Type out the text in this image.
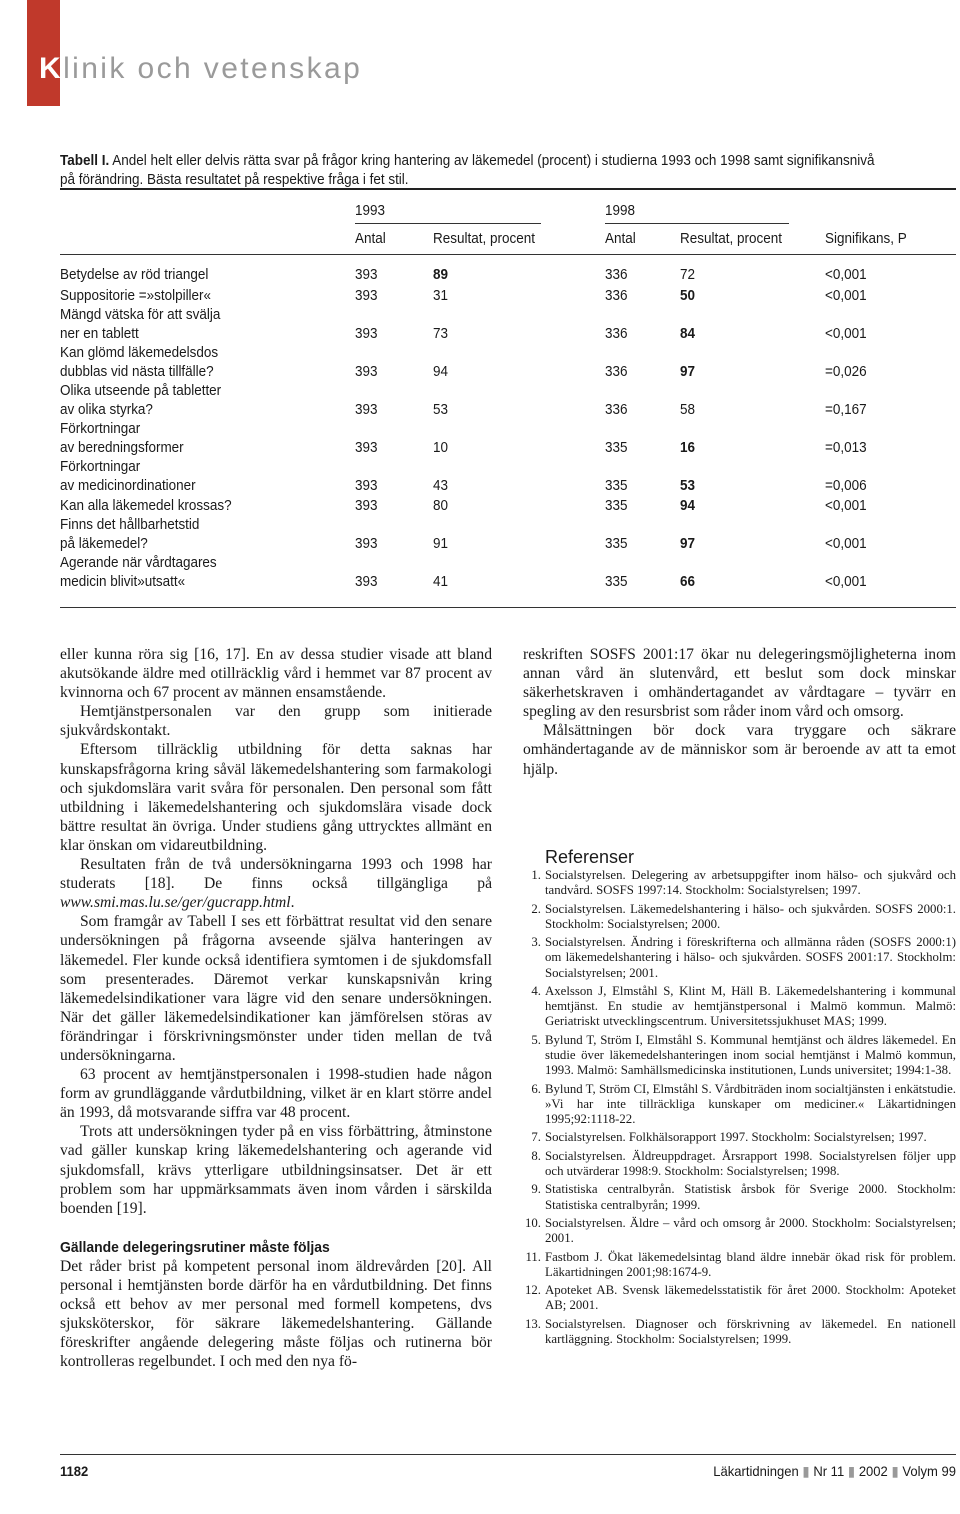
Klinik och vetenskap
Tabell I. Andel helt eller delvis rätta svar på frågor kring hantering av läkemedel (procent) i studierna 1993 och 1998 samt signifikansnivå på förändring. Bästa resultatet på respektive fråga i fet stil.
1993	1998
Antal	Resultat, procent	Antal	Resultat, procent	Signifikans, P
Betydelse av röd triangel	393	89	336	72	<0,001
Suppositorie =»stolpiller«	393	31	336	50	<0,001
Mängd vätska för att svälja
ner en tablett	393	73	336	84	<0,001
Kan glömd läkemedelsdos
dubblas vid nästa tillfälle?	393	94	336	97	=0,026
Olika utseende på tabletter
av olika styrka?	393	53	336	58	=0,167
Förkortningar
av beredningsformer	393	10	335	16	=0,013
Förkortningar
av medicinordinationer	393	43	335	53	=0,006
Kan alla läkemedel krossas?	393	80	335	94	<0,001
Finns det hållbarhetstid
på läkemedel?	393	91	335	97	<0,001
Agerande när vårdtagares
medicin blivit»utsatt«	393	41	335	66	<0,001

eller kunna röra sig [16, 17]. En av dessa studier visade att bland akutsökande äldre med otillräcklig vård i hemmet var 87 procent av kvinnorna och 67 procent av männen ensamstående.

Hemtjänstpersonalen var den grupp som initierade sjukvårdskontakt.

Eftersom tillräcklig utbildning för detta saknas har kunskapsfrågorna kring såväl läkemedelshantering som farmakologi och sjukdomslära varit svåra för personalen. Den personal som fått utbildning i läkemedelshantering och sjukdomslära visade dock bättre resultat än övriga. Under studiens gång uttrycktes allmänt en klar önskan om vidareutbildning.

Resultaten från de två undersökningarna 1993 och 1998 har studerats [18]. De finns också tillgängliga på www.smi.mas.lu.se/ger/gucrapp.html.

Som framgår av Tabell I ses ett förbättrat resultat vid den senare undersökningen på frågorna avseende själva hanteringen av läkemedel. Fler kunde också identifiera symtomen i de sjukdomsfall som presenterades. Däremot verkar kunskapsnivån kring läkemedelsindikationer vara lägre vid den senare undersökningen. När det gäller läkemedelsindikationer kan jämförelsen störas av förändringar i förskrivningsmönster under tiden mellan de två undersökningarna.

63 procent av hemtjänstpersonalen i 1998-studien hade någon form av grundläggande vårdutbildning, vilket är en klart större andel än 1993, då motsvarande siffra var 48 procent.

Trots att undersökningen tyder på en viss förbättring, åtminstone vad gäller kunskap kring läkemedelshantering och agerande vid sjukdomsfall, krävs ytterligare utbildningsinsatser. Det är ett problem som har uppmärksammats även inom vården i särskilda boenden [19].

Gällande delegeringsrutiner måste följas

Det råder brist på kompetent personal inom äldrevården [20]. All personal i hemtjänsten borde därför ha en vårdutbildning. Det finns också ett behov av mer personal med formell kompetens, dvs sjuksköterskor, för säkrare läkemedelshantering. Gällande föreskrifter angående delegering måste följas och rutinerna bör kontrolleras regelbundet. I och med den nya fö-

reskriften SOSFS 2001:17 ökar nu delegeringsmöjligheterna inom annan vård än slutenvård, ett beslut som dock minskar säkerhetskraven i omhändertagandet av vårdtagare – tyvärr en spegling av den resursbrist som råder inom vård och omsorg.

Målsättningen bör dock vara tryggare och säkrare omhändertagande av de människor som är beroende av att ta emot hjälp.

Referenser
1. Socialstyrelsen. Delegering av arbetsuppgifter inom hälso- och sjukvård och tandvård. SOSFS 1997:14. Stockholm: Socialstyrelsen; 1997.
2. Socialstyrelsen. Läkemedelshantering i hälso- och sjukvården. SOSFS 2000:1. Stockholm: Socialstyrelsen; 2000.
3. Socialstyrelsen. Ändring i föreskrifterna och allmänna råden (SOSFS 2000:1) om läkemedelshantering i hälso- och sjukvården. SOSFS 2001:17. Stockholm: Socialstyrelsen; 2001.
4. Axelsson J, Elmståhl S, Klint M, Häll B. Läkemedelshantering i kommunal hemtjänst. En studie av hemtjänstpersonal i Malmö kommun. Malmö: Geriatriskt utvecklingscentrum. Universitetssjukhuset MAS; 1999.
5. Bylund T, Ström I, Elmståhl S. Kommunal hemtjänst och äldres läkemedel. En studie över läkemedelshanteringen inom social hemtjänst i Malmö kommun, 1993. Malmö: Samhällsmedicinska institutionen, Lunds universitet; 1994:1-38.
6. Bylund T, Ström CI, Elmståhl S. Vårdbiträden inom socialtjänsten i enkätstudie. »Vi har inte tillräckliga kunskaper om mediciner.« Läkartidningen 1995;92:1118-22.
7. Socialstyrelsen. Folkhälsorapport 1997. Stockholm: Socialstyrelsen; 1997.
8. Socialstyrelsen. Äldreuppdraget. Årsrapport 1998. Socialstyrelsen följer upp och utvärderar 1998:9. Stockholm: Socialstyrelsen; 1998.
9. Statistiska centralbyrån. Statistisk årsbok för Sverige 2000. Stockholm: Statistiska centralbyrån; 1999.
10. Socialstyrelsen. Äldre – vård och omsorg år 2000. Stockholm: Socialstyrelsen; 2001.
11. Fastbom J. Ökat läkemedelsintag bland äldre innebär ökad risk för problem. Läkartidningen 2001;98:1674-9.
12. Apoteket AB. Svensk läkemedelsstatistik för året 2000. Stockholm: Apoteket AB; 2001.
13. Socialstyrelsen. Diagnoser och förskrivning av läkemedel. En nationell kartläggning. Stockholm: Socialstyrelsen; 1999.
1182	Läkartidningen ▮ Nr 11 ▮ 2002 ▮ Volym 99
